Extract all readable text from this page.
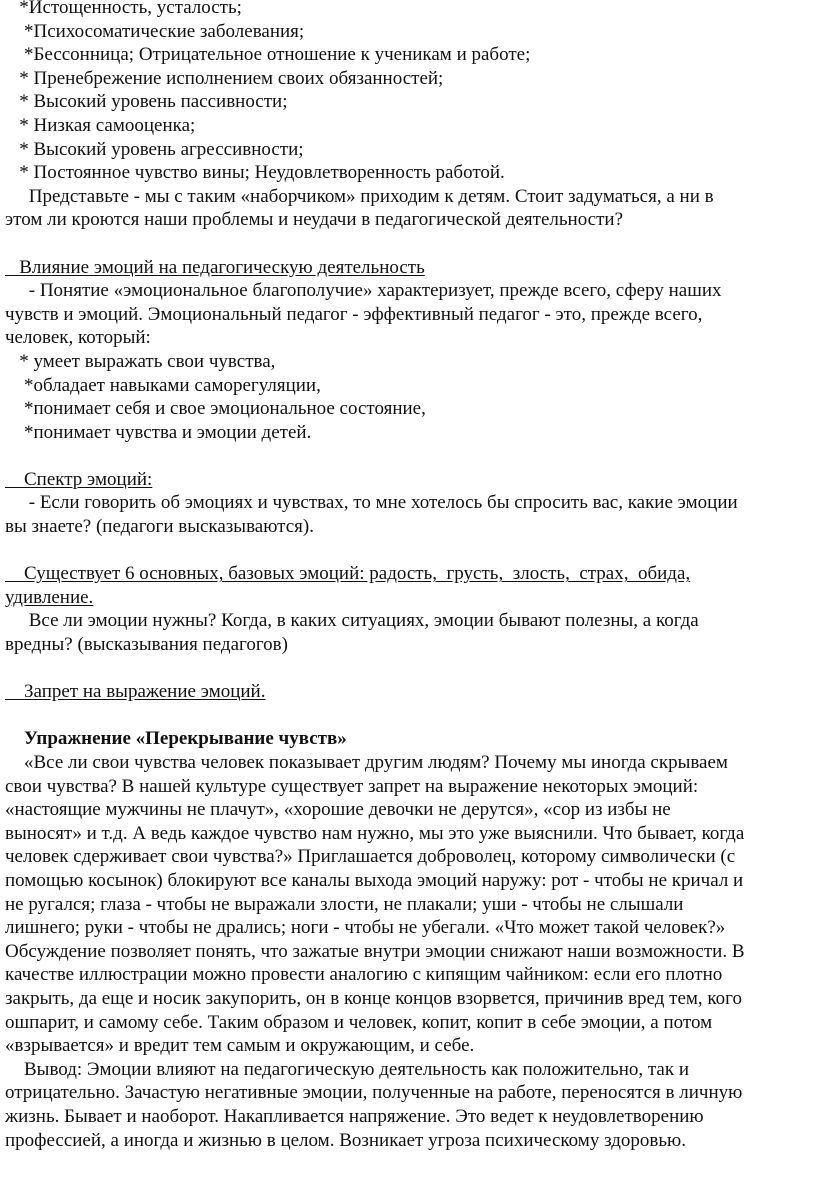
*Истощенность, усталость;

*Психосоматические заболевания;

*Бессонница; Отрицательное отношение к ученикам и работе;

* Пренебрежение исполнением своих обязанностей;

* Высокий уровень пассивности;

* Низкая самооценка;

* Высокий уровень агрессивности;

* Постоянное чувство вины; Неудовлетворенность работой.

Представьте - мы с таким «наборчиком» приходим к детям. Стоит задуматься, а ни в

этом ли кроются наши проблемы и неудачи в педагогической деятельности?

Влияние эмоций на педагогическую деятельность

- Понятие «эмоциональное благополучие» характеризует, прежде всего, сферу наших

чувств и эмоций. Эмоциональный педагог - эффективный педагог - это, прежде всего,

человек, который:

* умеет выражать свои чувства,

*обладает навыками саморегуляции,

*понимает себя и свое эмоциональное состояние,

*понимает чувства и эмоции детей.

Спектр эмоций:

- Если говорить об эмоциях и чувствах, то мне хотелось бы спросить вас, какие эмоции

вы знаете? (педагоги высказываются).

Существует 6 основных, базовых эмоций: радость,  грусть,  злость,  страх,  обида,

удивление.

Все ли эмоции нужны? Когда, в каких ситуациях, эмоции бывают полезны, а когда

вредны? (высказывания педагогов)

Запрет на выражение эмоций.

Упражнение «Перекрывание чувств»

«Все ли свои чувства человек показывает другим людям? Почему мы иногда скрываем

свои чувства? В нашей культуре существует запрет на выражение некоторых эмоций:

«настоящие мужчины не плачут», «хорошие девочки не дерутся», «сор из избы не

выносят» и т.д. А ведь каждое чувство нам нужно, мы это уже выяснили. Что бывает, когда

человек сдерживает свои чувства?» Приглашается доброволец, которому символически (с

помощью косынок) блокируют все каналы выхода эмоций наружу: рот - чтобы не кричал и

не ругался; глаза - чтобы не выражали злости, не плакали; уши - чтобы не слышали

лишнего; руки - чтобы не дрались; ноги - чтобы не убегали. «Что может такой человек?»

Обсуждение позволяет понять, что зажатые внутри эмоции снижают наши возможности. В

качестве иллюстрации можно провести аналогию с кипящим чайником: если его плотно

закрыть, да еще и носик закупорить, он в конце концов взорвется, причинив вред тем, кого

ошпарит, и самому себе. Таким образом и человек, копит, копит в себе эмоции, а потом

«взрывается» и вредит тем самым и окружающим, и себе.

Вывод: Эмоции влияют на педагогическую деятельность как положительно, так и

отрицательно. Зачастую негативные эмоции, полученные на работе, переносятся в личную

жизнь. Бывает и наоборот. Накапливается напряжение. Это ведет к неудовлетворению

профессией, а иногда и жизнью в целом. Возникает угроза психическому здоровью.
